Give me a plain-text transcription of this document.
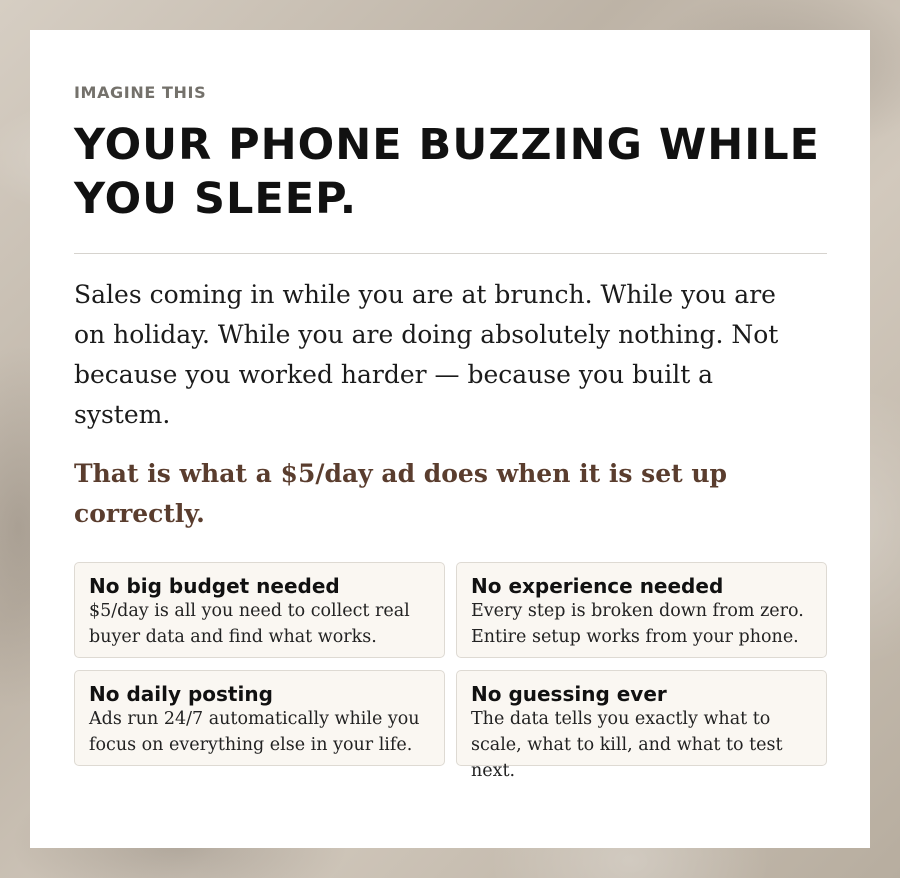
IMAGINE THIS

YOUR PHONE BUZZING WHILE YOU SLEEP.

Sales coming in while you are at brunch. While you are on holiday. While you are doing absolutely nothing. Not because you worked harder — because you built a system.

That is what a $5/day ad does when it is set up correctly.

No big budget needed

$5/day is all you need to collect real buyer data and find what works.

No experience needed

Every step is broken down from zero. Entire setup works from your phone.

No daily posting

Ads run 24/7 automatically while you focus on everything else in your life.

No guessing ever

The data tells you exactly what to scale, what to kill, and what to test next.
